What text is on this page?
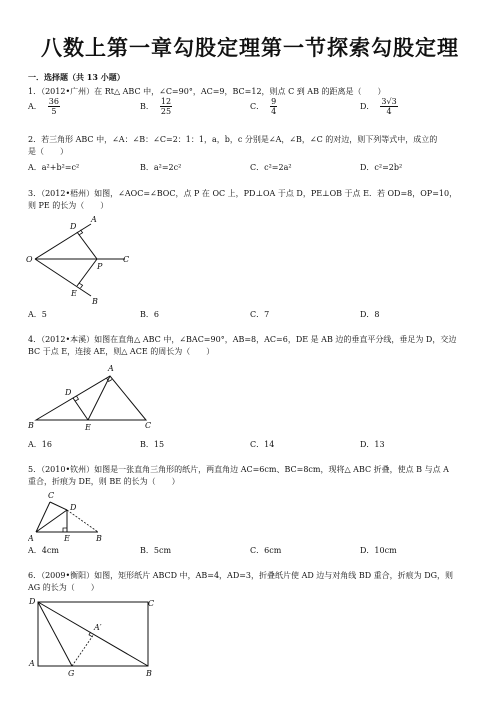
八数上第一章勾股定理第一节探索勾股定理
一．选择题（共 13 小题）
1．（2012•广州）在 Rt△ ABC 中，∠C=90°，AC=9，BC=12，则点 C 到 AB 的距离是（　　）
A． $\frac{36}{5}$	B． $\frac{12}{25}$	C． $\frac{9}{4}$	D． $\frac{3√3}{4}$
2．若三角形 ABC 中，∠A：∠B：∠C=2：1：1，a，b，c 分别是∠A，∠B，∠C 的对边，则下列等式中，成立的
是（　　）
A．a²+b²=c²	B．a²=2c²	C．c²=2a²	D．c²=2b²
3．（2012•梧州）如图，∠AOC=∠BOC，点 P 在 OC 上，PD⊥OA 于点 D，PE⊥OB 于点 E．若 OD=8，OP=10，
则 PE 的长为（　　）
A
D
O
P
C
E
B
A．5	B．6	C．7	D．8
4．（2012•本溪）如图在直角△ ABC 中，∠BAC=90°，AB=8，AC=6，DE 是 AB 边的垂直平分线，垂足为 D，交边
BC 于点 E，连接 AE，则△ ACE 的周长为（　　）
A
D
B	E	C
A．16	B．15	C．14	D．13
5．（2010•钦州）如图是一张直角三角形的纸片，两直角边 AC=6cm、BC=8cm，现将△ ABC 折叠，使点 B 与点 A
重合，折痕为 DE，则 BE 的长为（　　）
C
D
A	E	B
A．4cm	B．5cm	C．6cm	D．10cm
6．（2009•衡阳）如图，矩形纸片 ABCD 中，AB=4，AD=3，折叠纸片使 AD 边与对角线 BD 重合，折痕为 DG，则
AG 的长为（　　）
D	C
A′
A
G	B
